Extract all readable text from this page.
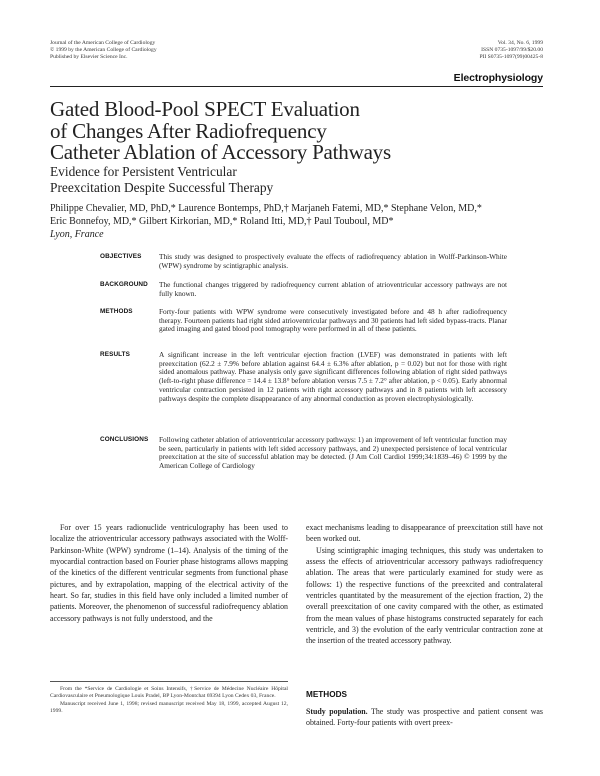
Journal of the American College of Cardiology
© 1999 by the American College of Cardiology
Published by Elsevier Science Inc.
Vol. 34, No. 6, 1999
ISSN 0735-1097/99/$20.00
PII S0735-1097(99)00425-8
Electrophysiology
Gated Blood-Pool SPECT Evaluation
of Changes After Radiofrequency
Catheter Ablation of Accessory Pathways
Evidence for Persistent Ventricular
Preexcitation Despite Successful Therapy
Philippe Chevalier, MD, PhD,* Laurence Bontemps, PhD,† Marjaneh Fatemi, MD,* Stephane Velon, MD,*
Eric Bonnefoy, MD,* Gilbert Kirkorian, MD,* Roland Itti, MD,† Paul Touboul, MD*
Lyon, France
OBJECTIVES This study was designed to prospectively evaluate the effects of radiofrequency ablation in Wolff-Parkinson-White (WPW) syndrome by scintigraphic analysis.
BACKGROUND The functional changes triggered by radiofrequency current ablation of atrioventricular accessory pathways are not fully known.
METHODS	Forty-four patients with WPW syndrome were consecutively investigated before and 48 h after radiofrequency therapy. Fourteen patients had right sided atrioventricular pathways and 30 patients had left sided bypass-tracts. Planar gated imaging and gated blood pool tomography were performed in all of these patients.
RESULTS	A significant increase in the left ventricular ejection fraction (LVEF) was demonstrated in patients with left preexcitation (62.2 ± 7.9% before ablation against 64.4 ± 6.3% after ablation, p = 0.02) but not for those with right sided anomalous pathway. Phase analysis only gave significant differences following ablation of right sided pathways (left-to-right phase difference = 14.4 ± 13.8° before ablation versus 7.5 ± 7.2° after ablation, p < 0.05). Early abnormal ventricular contraction persisted in 12 patients with right accessory pathways and in 8 patients with left accessory pathways despite the complete disappearance of any abnormal conduction as proven electrophysiologically.
CONCLUSIONS Following catheter ablation of atrioventricular accessory pathways: 1) an improvement of left ventricular function may be seen, particularly in patients with left sided accessory pathways, and 2) unexpected persistence of local ventricular preexcitation at the site of successful ablation may be detected. (J Am Coll Cardiol 1999;34:1839–46) © 1999 by the American College of Cardiology

For over 15 years radionuclide ventriculography has been used to localize the atrioventricular accessory pathways associated with the Wolff-Parkinson-White (WPW) syndrome (1–14). Analysis of the timing of the myocardial contraction based on Fourier phase histograms allows mapping of the kinetics of the different ventricular segments from functional phase pictures, and by extrapolation, mapping of the electrical activity of the heart. So far, studies in this field have only included a limited number of patients. Moreover, the phenomenon of successful radiofrequency ablation accessory pathways is not fully understood, and the

From the *Service de Cardiologie et Soins Intensifs, †Service de Médecine Nucléaire Hôpital Cardiovasculaire et Pneumologique Louis Pradel, BP Lyon-Montchat 69394 Lyon Cedex 03, France.

Manuscript received June 1, 1998; revised manuscript received May 18, 1999, accepted August 12, 1999.

exact mechanisms leading to disappearance of preexcitation still have not been worked out.

Using scintigraphic imaging techniques, this study was undertaken to assess the effects of atrioventricular accessory pathways radiofrequency ablation. The areas that were particularly examined for study were as follows: 1) the respective functions of the preexcited and contralateral ventricles quantitated by the measurement of the ejection fraction, 2) the overall preexcitation of one cavity compared with the other, as estimated from the mean values of phase histograms constructed separately for each ventricle, and 3) the evolution of the early ventricular contraction zone at the insertion of the treated accessory pathway.

METHODS

Study population. The study was prospective and patient consent was obtained. Forty-four patients with overt preex-
